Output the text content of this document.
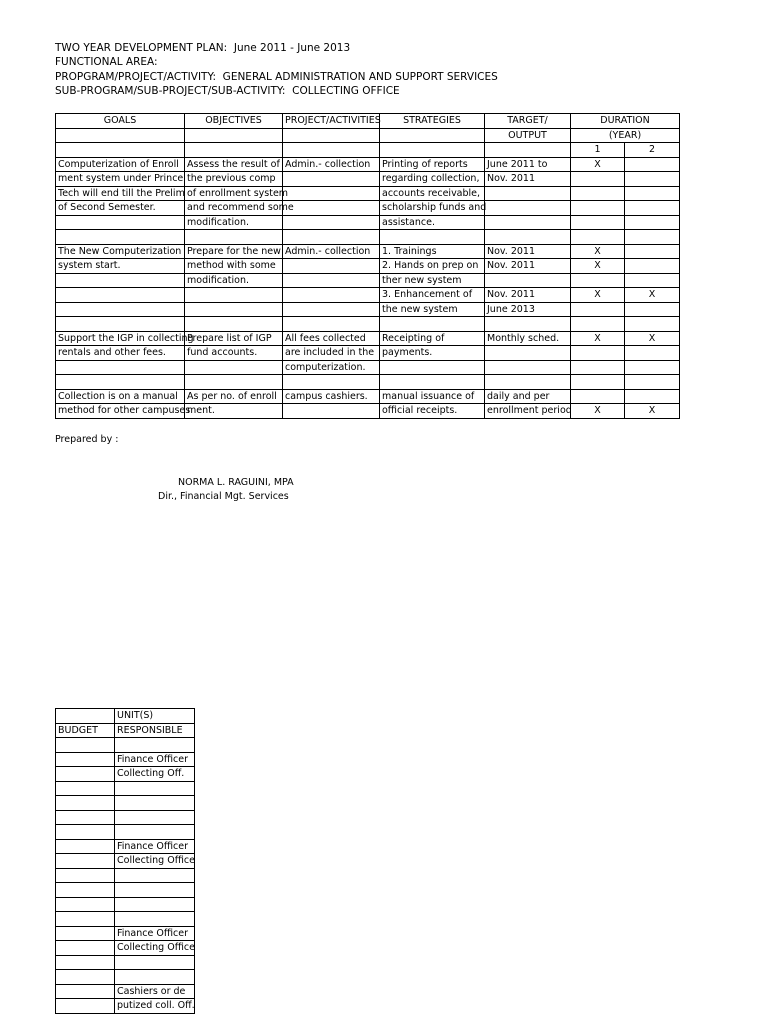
TWO YEAR DEVELOPMENT PLAN:  June 2011 - June 2013
FUNCTIONAL AREA:
PROPGRAM/PROJECT/ACTIVITY:  GENERAL ADMINISTRATION AND SUPPORT SERVICES
SUB-PROGRAM/SUB-PROJECT/SUB-ACTIVITY:  COLLECTING OFFICE
GOALS	OBJECTIVES	PROJECT/ACTIVITIES	STRATEGIES	TARGET/	DURATION	
				OUTPUT	(YEAR)	
					1	2
Computerization of Enroll	Assess the result of	Admin.- collection	Printing of reports	June 2011 to	X	
ment system under Prince	the previous comp		regarding collection,	Nov. 2011		
Tech will end till the Prelim	of enrollment system		accounts receivable,			
of Second Semester.	and recommend some		scholarship funds and			
	modification.		assistance.			

The New Computerization	Prepare for the new	Admin.- collection	1. Trainings	Nov. 2011	X	
system start.	method with some		2. Hands on prep on	Nov. 2011	X	
	modification.		ther new system			
			3. Enhancement of	Nov. 2011	X	X
			the new system	June 2013		

Support the IGP in collecting	Prepare list of IGP	All fees collected	Receipting of	Monthly sched.	X	X
rentals and other fees.	fund accounts.	are included in the	payments.			
		computerization.				

Collection is on a manual	As per no. of enroll	campus cashiers.	manual issuance of	daily and per		
method for other campuses	ment.		official receipts.	enrollment period	X	X
Prepared by :
NORMA L. RAGUINI, MPA
Dir., Financial Mgt. Services
	UNIT(S)
BUDGET	RESPONSIBLE

	Finance Officer
	Collecting Off.

	Finance Officer
	Collecting Office

	Finance Officer
	Collecting Office

	Cashiers or de
	putized coll. Off.
